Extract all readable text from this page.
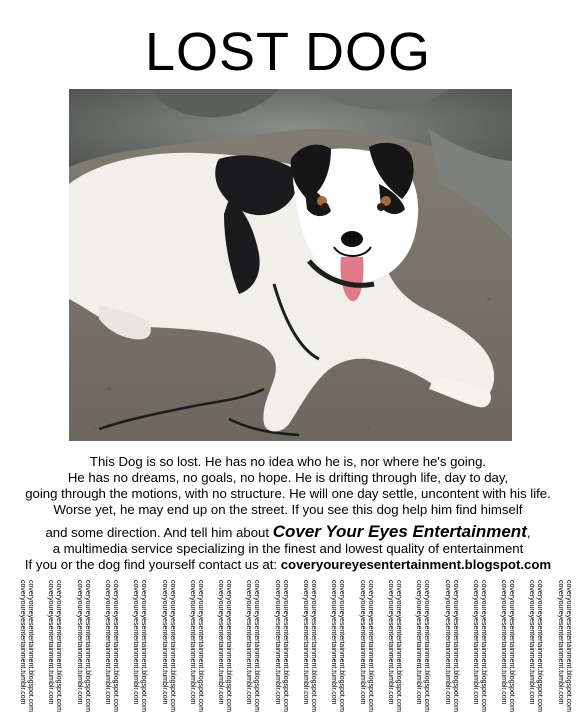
LOST DOG
This Dog is so lost. He has no idea who he is, nor where he's going.
He has no dreams, no goals, no hope. He is drifting through life, day to day,
going through the motions, with no structure. He will one day settle, uncontent with his life.
Worse yet, he may end up on the street. If you see this dog help him find himself
and some direction. And tell him about Cover Your Eyes Entertainment,
a multimedia service specializing in the finest and lowest quality of entertainment
If you or the dog find yourself contact us at: coveryoureyesentertainment.blogspot.com
coveryoureyesentertainment.blogspot.com
coveryoureyesentertainment.tumblr.com	coveryoureyesentertainment.blogspot.com
coveryoureyesentertainment.tumblr.com	coveryoureyesentertainment.blogspot.com
coveryoureyesentertainment.tumblr.com	coveryoureyesentertainment.blogspot.com
coveryoureyesentertainment.tumblr.com	coveryoureyesentertainment.blogspot.com
coveryoureyesentertainment.tumblr.com	coveryoureyesentertainment.blogspot.com
coveryoureyesentertainment.tumblr.com	coveryoureyesentertainment.blogspot.com
coveryoureyesentertainment.tumblr.com	coveryoureyesentertainment.blogspot.com
coveryoureyesentertainment.tumblr.com	coveryoureyesentertainment.blogspot.com
coveryoureyesentertainment.tumblr.com	coveryoureyesentertainment.blogspot.com
coveryoureyesentertainment.tumblr.com	coveryoureyesentertainment.blogspot.com
coveryoureyesentertainment.tumblr.com	coveryoureyesentertainment.blogspot.com
coveryoureyesentertainment.tumblr.com	coveryoureyesentertainment.blogspot.com
coveryoureyesentertainment.tumblr.com	coveryoureyesentertainment.blogspot.com
coveryoureyesentertainment.tumblr.com	coveryoureyesentertainment.blogspot.com
coveryoureyesentertainment.tumblr.com	coveryoureyesentertainment.blogspot.com
coveryoureyesentertainment.tumblr.com	coveryoureyesentertainment.blogspot.com
coveryoureyesentertainment.tumblr.com	coveryoureyesentertainment.blogspot.com
coveryoureyesentertainment.tumblr.com	coveryoureyesentertainment.blogspot.com
coveryoureyesentertainment.tumblr.com	coveryoureyesentertainment.blogspot.com
coveryoureyesentertainment.tumblr.com
